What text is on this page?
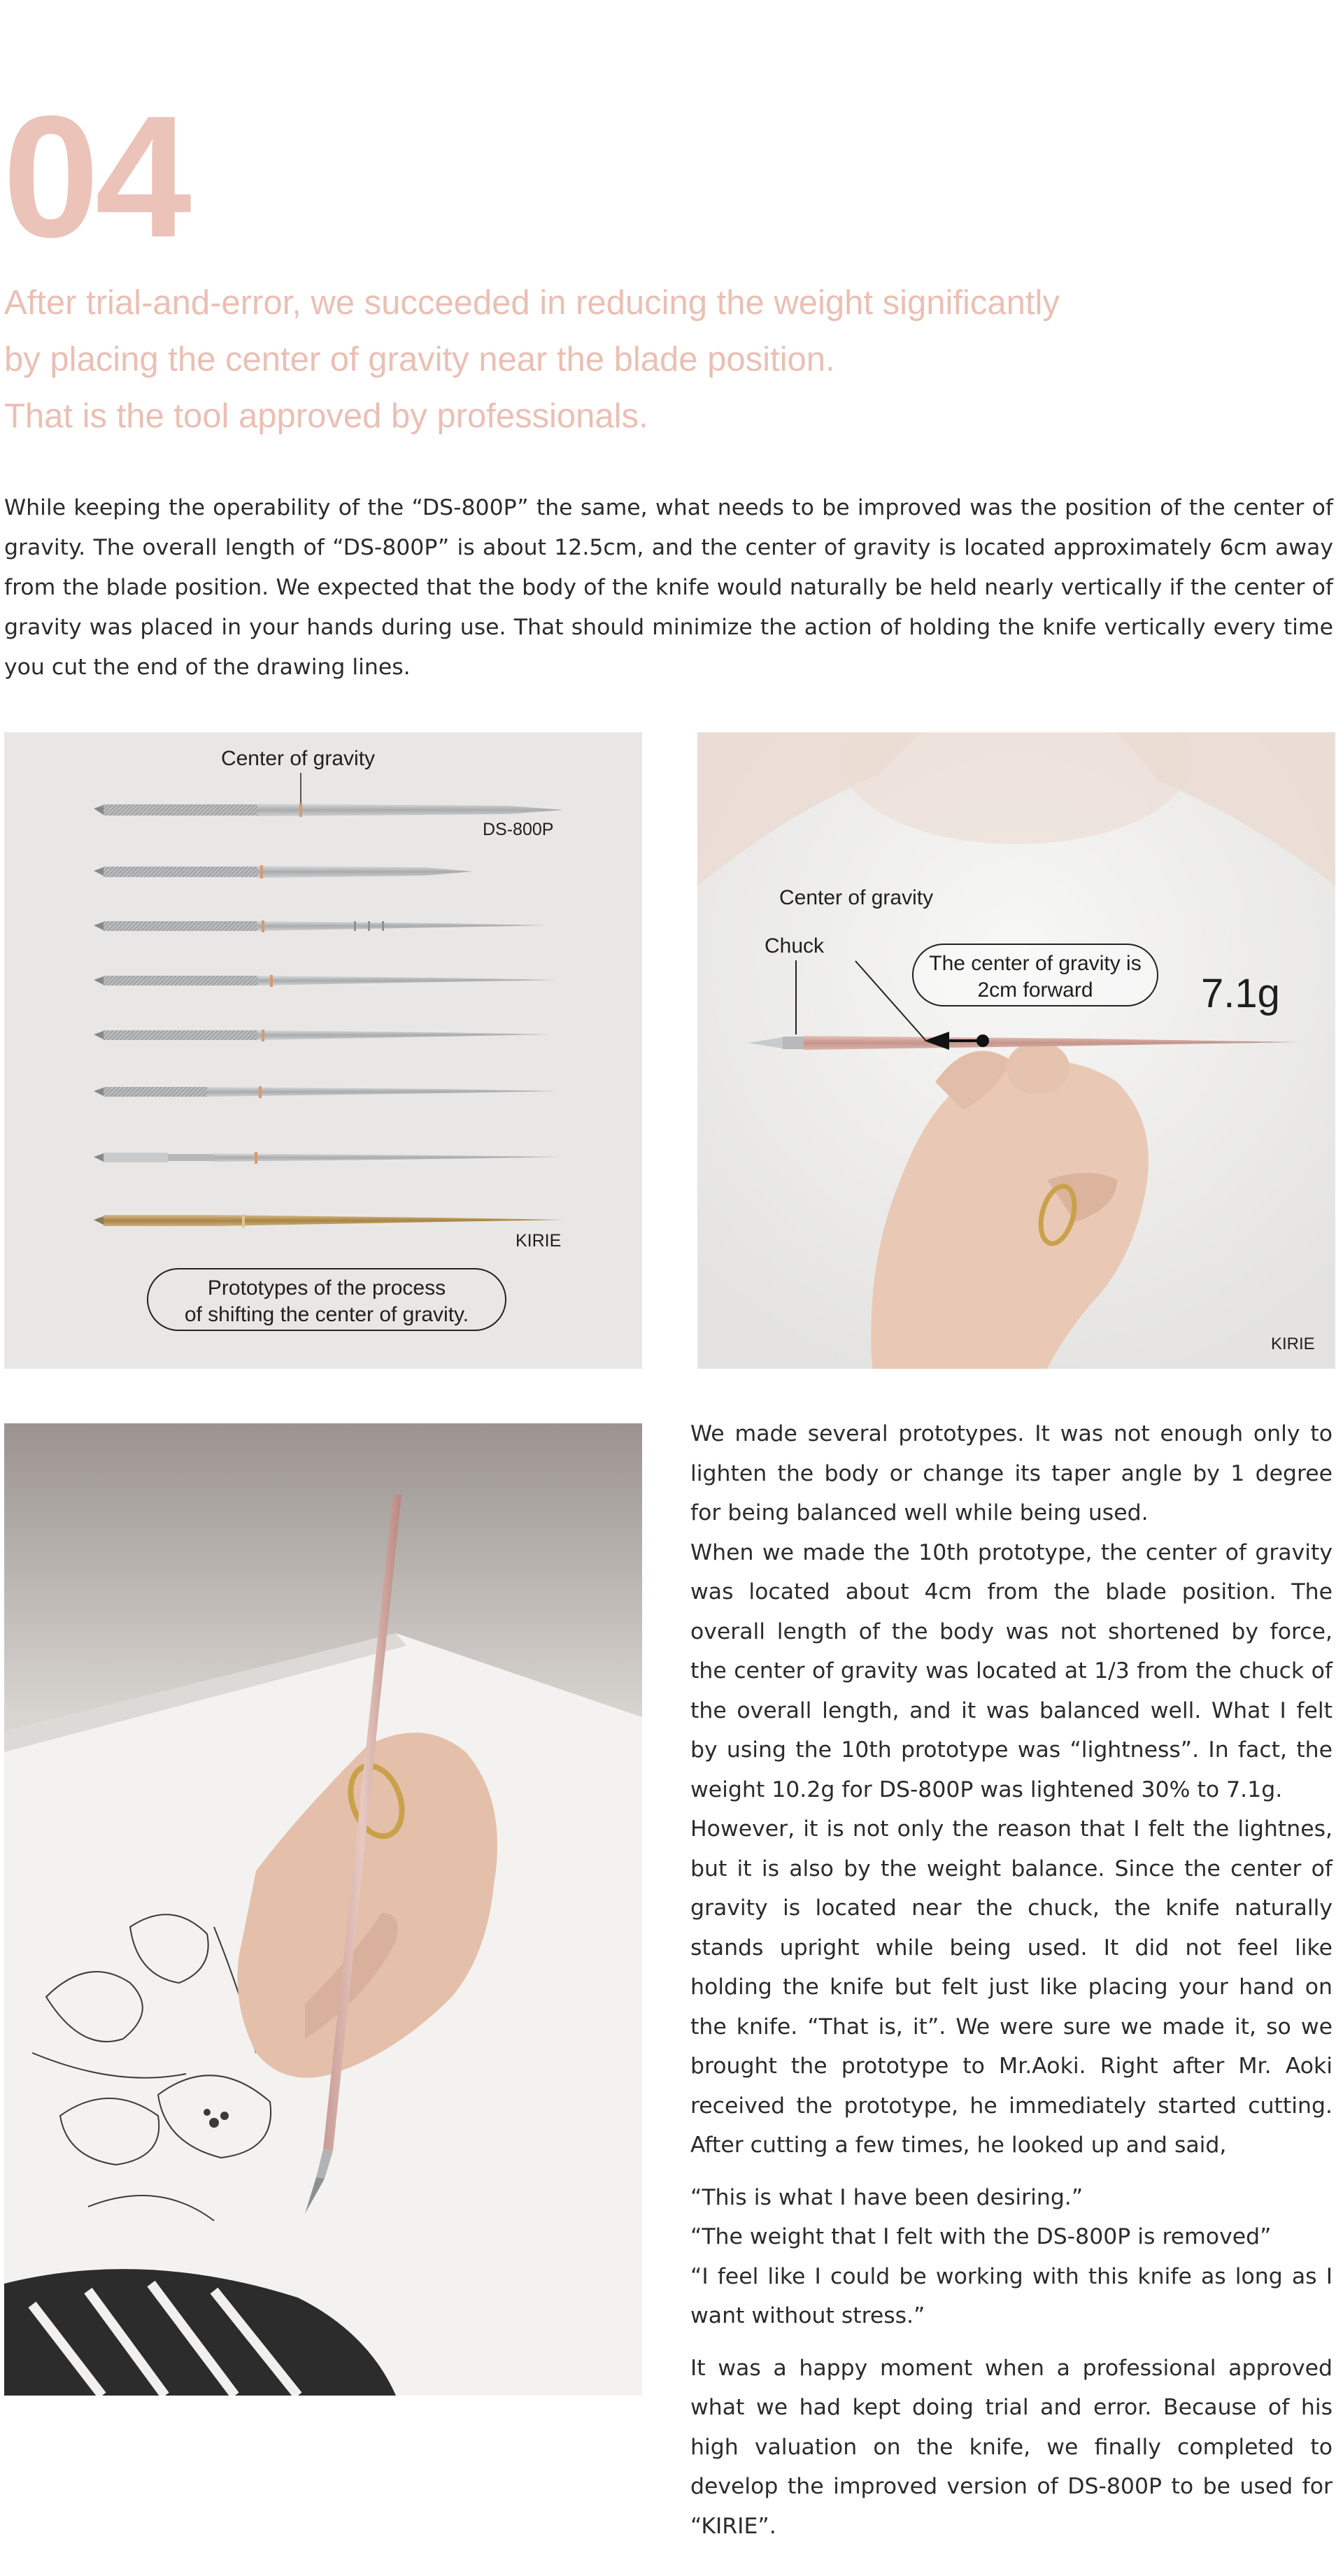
04
After trial-and-error, we succeeded in reducing the weight significantly
by placing the center of gravity near the blade position.
That is the tool approved by professionals.
While keeping the operability of the “DS-800P” the same, what needs to be improved was the position of the center of gravity. The overall length of “DS-800P” is about 12.5cm, and the center of gravity is located approximately 6cm away from the blade position. We expected that the body of the knife would naturally be held nearly vertically if the center of gravity was placed in your hands during use. That should minimize the action of holding the knife vertically every time you cut the end of the drawing lines.
Center of gravity
DS-800P
KIRIE
Prototypes of the process
of shifting the center of gravity.
Center of gravity
Chuck
The center of gravity is
2cm forward	7.1g
KIRIE

We made several prototypes. It was not enough only to lighten the body or change its taper angle by 1 degree for being balanced well while being used.

When we made the 10th prototype, the center of gravity was located about 4cm from the blade position. The overall length of the body was not shortened by force, the center of gravity was located at 1/3 from the chuck of the overall length, and it was balanced well. What I felt by using the 10th prototype was “lightness”. In fact, the weight 10.2g for DS-800P was lightened 30% to 7.1g.

However, it is not only the reason that I felt the lightnes, but it is also by the weight balance. Since the center of gravity is located near the chuck, the knife naturally stands upright while being used. It did not feel like holding the knife but felt just like placing your hand on the knife. “That is, it”. We were sure we made it, so we brought the prototype to Mr.Aoki. Right after Mr. Aoki received the prototype, he immediately started cutting. After cutting a few times, he looked up and said,

“This is what I have been desiring.”

“The weight that I felt with the DS-800P is removed”

“I feel like I could be working with this knife as long as I want without stress.”

It was a happy moment when a professional approved what we had kept doing trial and error. Because of his high valuation on the knife, we finally completed to develop the improved version of DS-800P to be used for “KIRIE”.
